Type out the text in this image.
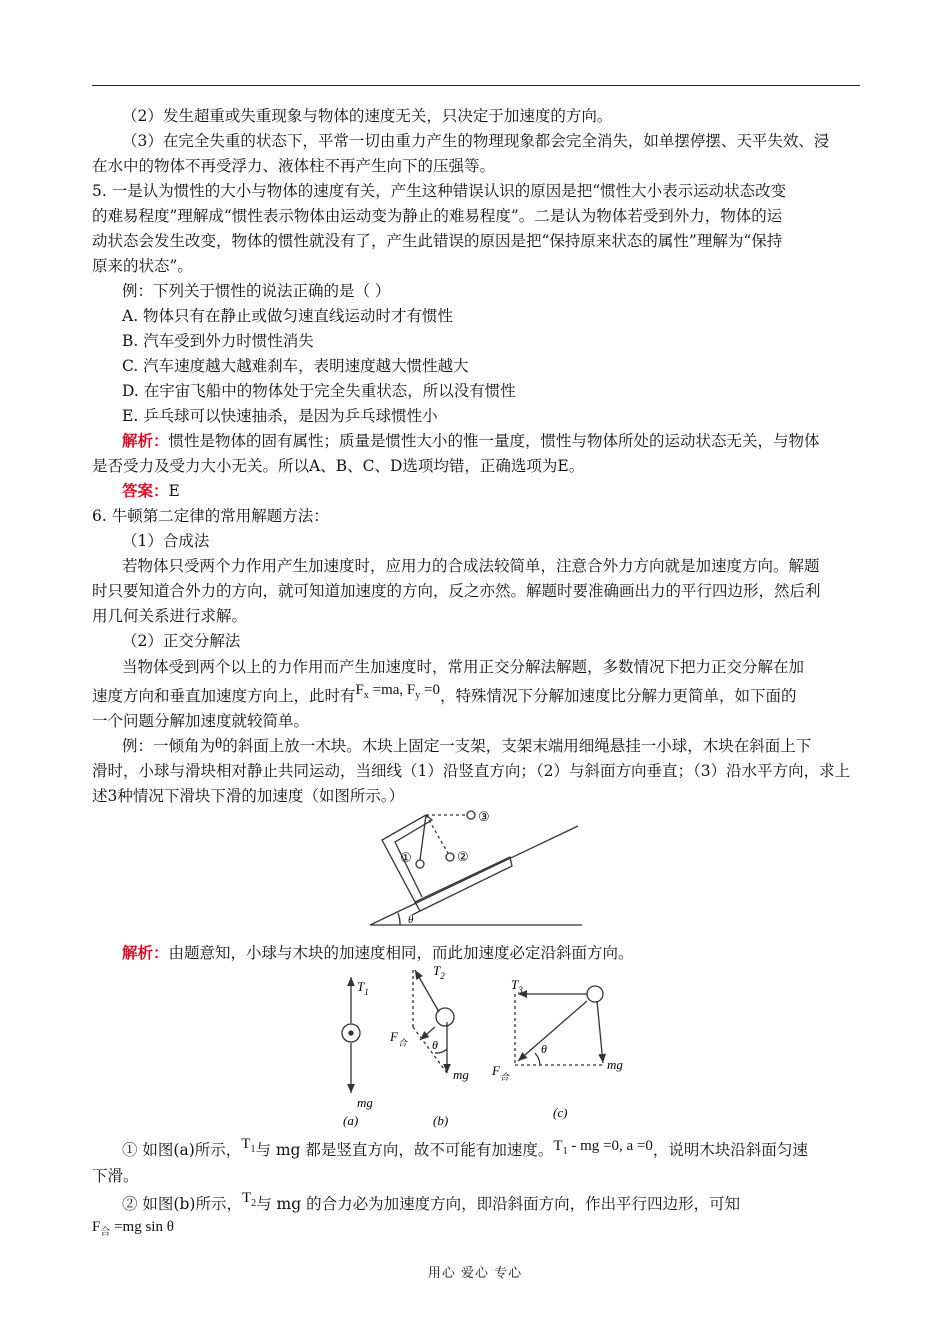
（2）发生超重或失重现象与物体的速度无关，只决定于加速度的方向。
（3）在完全失重的状态下，平常一切由重力产生的物理现象都会完全消失，如单摆停摆、天平失效、浸
在水中的物体不再受浮力、液体柱不再产生向下的压强等。
5. 一是认为惯性的大小与物体的速度有关，产生这种错误认识的原因是把“惯性大小表示运动状态改变
的难易程度”理解成“惯性表示物体由运动变为静止的难易程度”。二是认为物体若受到外力，物体的运
动状态会发生改变，物体的惯性就没有了，产生此错误的原因是把“保持原来状态的属性”理解为“保持
原来的状态”。
例：下列关于惯性的说法正确的是（ ）
A. 物体只有在静止或做匀速直线运动时才有惯性
B. 汽车受到外力时惯性消失
C. 汽车速度越大越难刹车，表明速度越大惯性越大
D. 在宇宙飞船中的物体处于完全失重状态，所以没有惯性
E. 乒乓球可以快速抽杀，是因为乒乓球惯性小
解析：惯性是物体的固有属性；质量是惯性大小的惟一量度，惯性与物体所处的运动状态无关，与物体
是否受力及受力大小无关。所以A、B、C、D选项均错，正确选项为E。
答案：E
6. 牛顿第二定律的常用解题方法：
（1）合成法
若物体只受两个力作用产生加速度时，应用力的合成法较简单，注意合外力方向就是加速度方向。解题
时只要知道合外力的方向，就可知道加速度的方向，反之亦然。解题时要准确画出力的平行四边形，然后利
用几何关系进行求解。
（2）正交分解法
当物体受到两个以上的力作用而产生加速度时，常用正交分解法解题，多数情况下把力正交分解在加
速度方向和垂直加速度方向上，此时有$F_x =ma$, $F_y =0$，特殊情况下分解加速度比分解力更简单，如下面的
一个问题分解加速度就较简单。
例：一倾角为θ的斜面上放一木块。木块上固定一支架，支架末端用细绳悬挂一小球，木块在斜面上下
滑时，小球与滑块相对静止共同运动，当细线（1）沿竖直方向；（2）与斜面方向垂直；（3）沿水平方向，求上
述3种情况下滑块下滑的加速度（如图所示。）
①	②
③
θ
解析：由题意知，小球与木块的加速度相同，而此加速度必定沿斜面方向。
$T_1$
mg
(a)
$T_2$
$F_合$ θ
mg
(b)
$T_3$
θ
mg
$F_合$
(c)
① 如图(a)所示，$T_1$与 mg 都是竖直方向，故不可能有加速度。$T_1$ - mg =0, a =0，说明木块沿斜面匀速
下滑。
② 如图(b)所示，$T_2$与 mg 的合力必为加速度方向，即沿斜面方向，作出平行四边形，可知
$F_合 =mg$ sin θ
用心 爱心 专心
